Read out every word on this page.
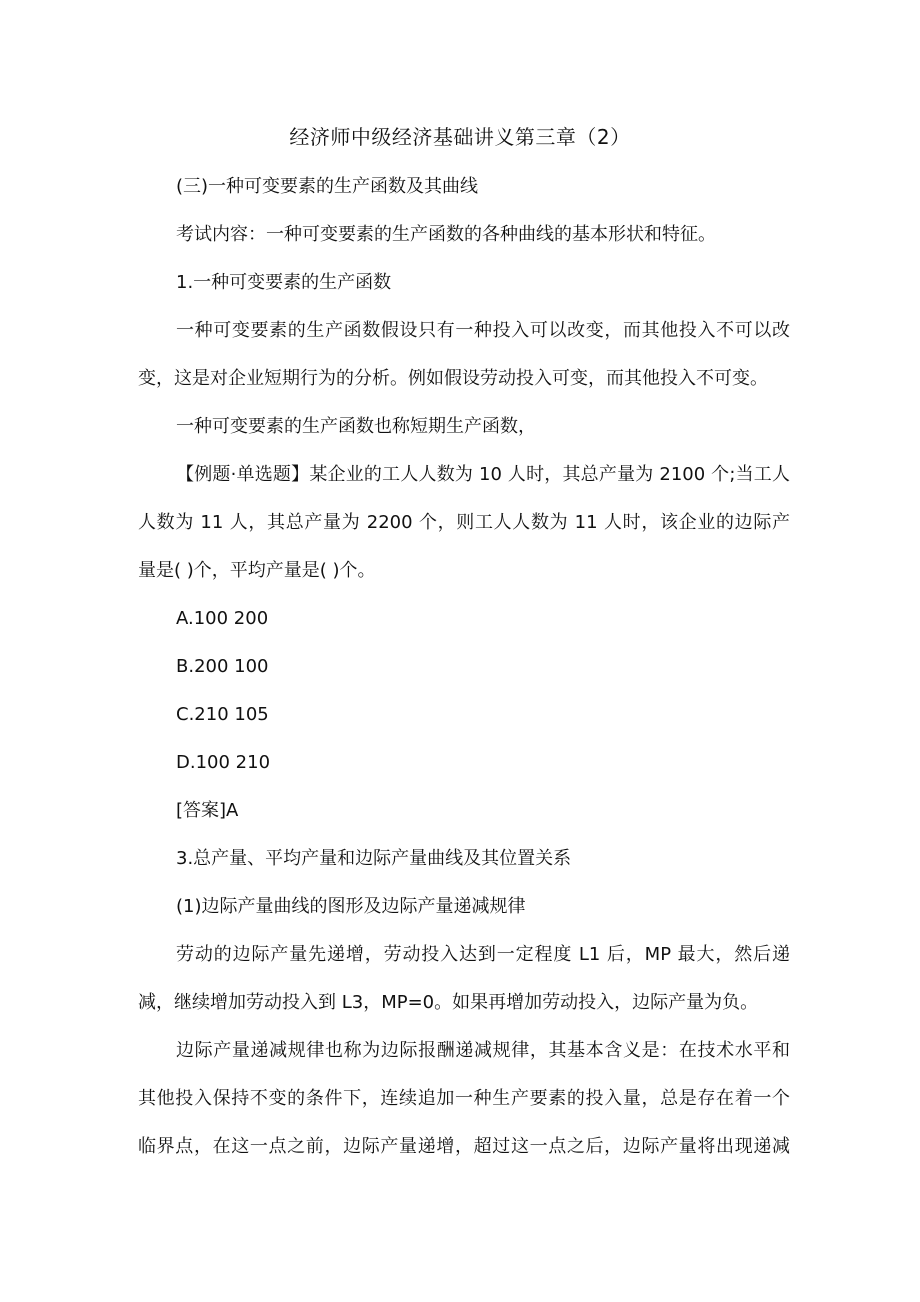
经济师中级经济基础讲义第三章（2）
(三)一种可变要素的生产函数及其曲线
考试内容：一种可变要素的生产函数的各种曲线的基本形状和特征。
1.一种可变要素的生产函数
一种可变要素的生产函数假设只有一种投入可以改变，而其他投入不可以改
变，这是对企业短期行为的分析。例如假设劳动投入可变，而其他投入不可变。
一种可变要素的生产函数也称短期生产函数，
【例题·单选题】某企业的工人人数为 10 人时，其总产量为 2100 个;当工人
人数为 11 人，其总产量为 2200 个，则工人人数为 11 人时，该企业的边际产
量是( )个，平均产量是( )个。
A.100 200
B.200 100
C.210 105
D.100 210
[答案]A
3.总产量、平均产量和边际产量曲线及其位置关系
(1)边际产量曲线的图形及边际产量递减规律
劳动的边际产量先递增，劳动投入达到一定程度 L1 后，MP 最大，然后递
减，继续增加劳动投入到 L3，MP=0。如果再增加劳动投入，边际产量为负。
边际产量递减规律也称为边际报酬递减规律，其基本含义是：在技术水平和
其他投入保持不变的条件下，连续追加一种生产要素的投入量，总是存在着一个
临界点，在这一点之前，边际产量递增，超过这一点之后，边际产量将出现递减
